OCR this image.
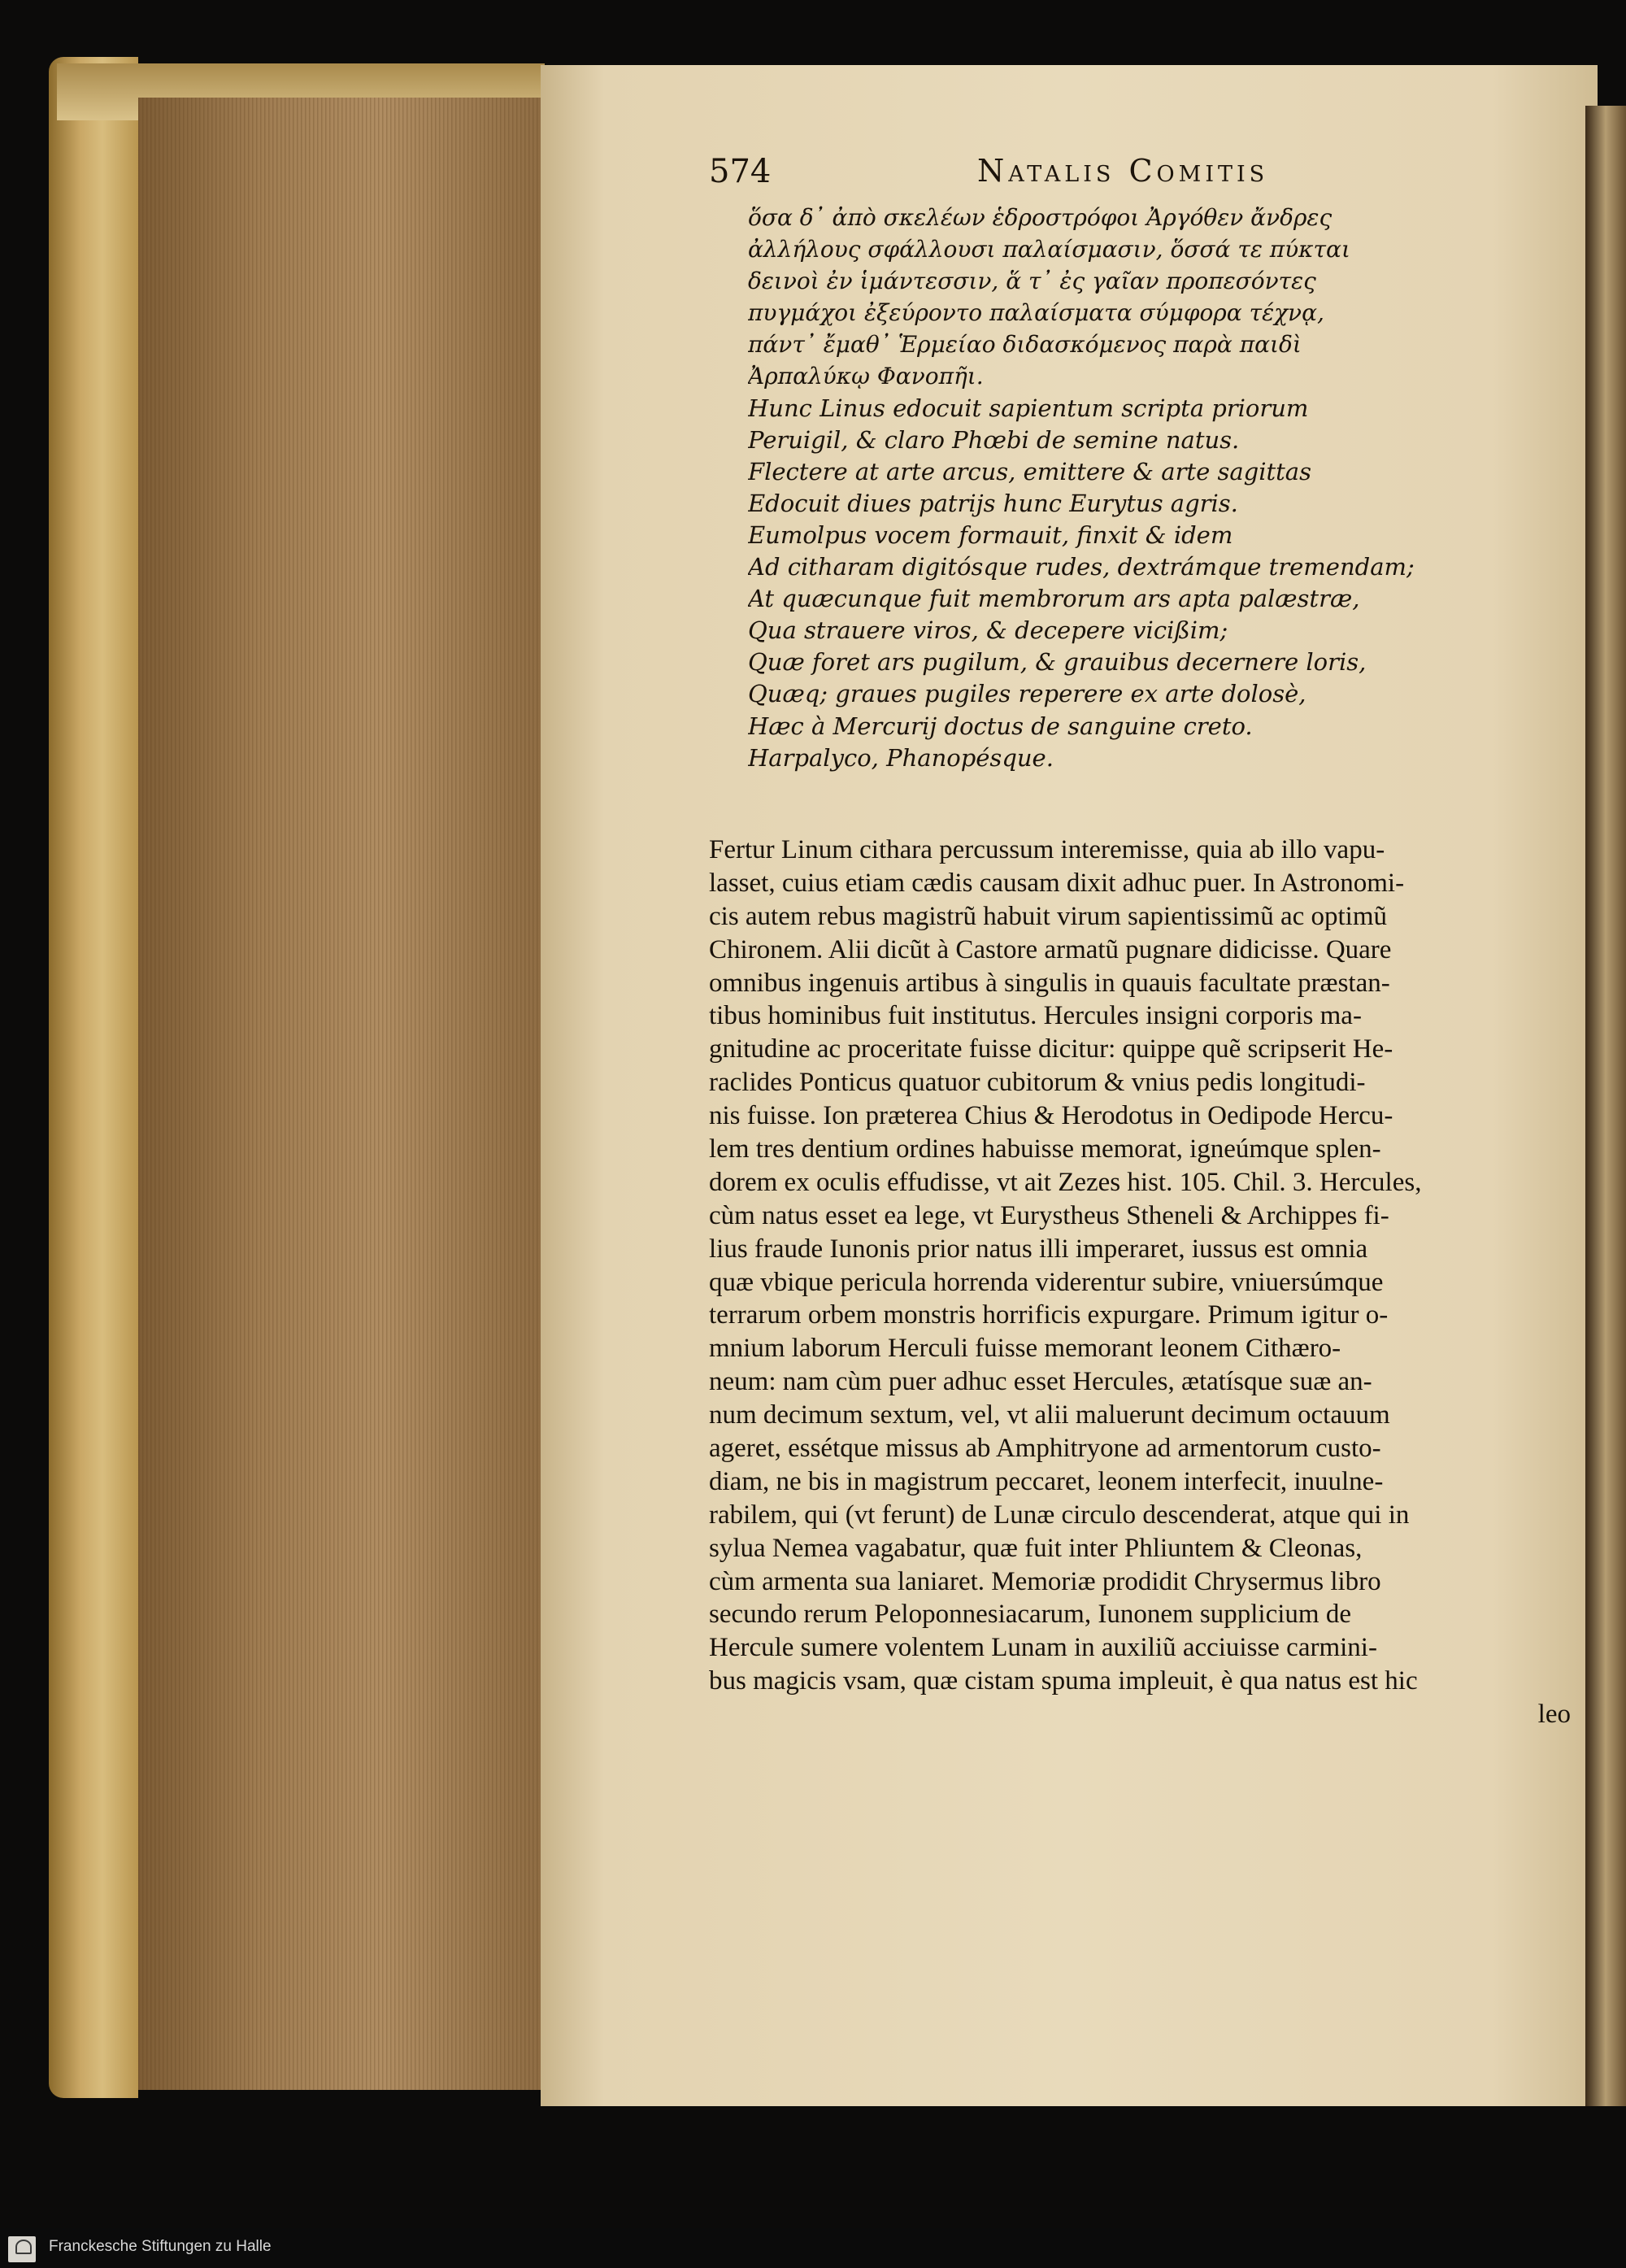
574	Natalis Comitis
ὅσα δ᾽ ἀπὸ σκελέων ἑδροστρόφοι Ἀργόθεν ἄνδρες
ἀλλήλους σφάλλουσι παλαίσμασιν, ὅσσά τε πύκται
δεινοὶ ἐν ἱμάντεσσιν, ἅ τ᾽ ἐς γαῖαν προπεσόντες
πυγμάχοι ἐξεύροντο παλαίσματα σύμφορα τέχνᾳ,
πάντ᾽ ἔμαθ᾽ Ἑρμείαο διδασκόμενος παρὰ παιδὶ
Ἀρπαλύκῳ Φανοπῆι.
Hunc Linus edocuit sapientum scripta priorum
Peruigil, & claro Phœbi de semine natus.
Flectere at arte arcus, emittere & arte sagittas
Edocuit diues patrijs hunc Eurytus agris.
Eumolpus vocem formauit, finxit & idem
Ad citharam digitósque rudes, dextrámque tremendam;
At quæcunque fuit membrorum ars apta palæstræ,
Qua strauere viros, & decepere vicißim;
Quæ foret ars pugilum, & grauibus decernere loris,
Quæq; graues pugiles reperere ex arte dolosè,
Hæc à Mercurij doctus de sanguine creto.
Harpalyco, Phanopésque.
Fertur Linum cithara percussum interemisse, quia ab illo vapu-
lasset, cuius etiam cædis causam dixit adhuc puer. In Astronomi-
cis autem rebus magistrũ habuit virum sapientissimũ ac optimũ
Chironem. Alii dicũt à Castore armatũ pugnare didicisse. Quare
omnibus ingenuis artibus à singulis in quauis facultate præstan-
tibus hominibus fuit institutus. Hercules insigni corporis ma-
gnitudine ac proceritate fuisse dicitur: quippe quẽ scripserit He-
raclides Ponticus quatuor cubitorum & vnius pedis longitudi-
nis fuisse. Ion præterea Chius & Herodotus in Oedipode Hercu-
lem tres dentium ordines habuisse memorat, igneúmque splen-
dorem ex oculis effudisse, vt ait Zezes hist. 105. Chil. 3. Hercules,
cùm natus esset ea lege, vt Eurystheus Stheneli & Archippes fi-
lius fraude Iunonis prior natus illi imperaret, iussus est omnia
quæ vbique pericula horrenda viderentur subire, vniuersúmque
terrarum orbem monstris horrificis expurgare. Primum igitur o-
mnium laborum Herculi fuisse memorant leonem Cithæro-
neum: nam cùm puer adhuc esset Hercules, ætatísque suæ an-
num decimum sextum, vel, vt alii maluerunt decimum octauum
ageret, essétque missus ab Amphitryone ad armentorum custo-
diam, ne bis in magistrum peccaret, leonem interfecit, inuulne-
rabilem, qui (vt ferunt) de Lunæ circulo descenderat, atque qui in
sylua Nemea vagabatur, quæ fuit inter Phliuntem & Cleonas,
cùm armenta sua laniaret. Memoriæ prodidit Chrysermus libro
secundo rerum Peloponnesiacarum, Iunonem supplicium de
Hercule sumere volentem Lunam in auxiliũ acciuisse carmini-
bus magicis vsam, quæ cistam spuma impleuit, è qua natus est hic
leo
Franckesche Stiftungen zu Halle
